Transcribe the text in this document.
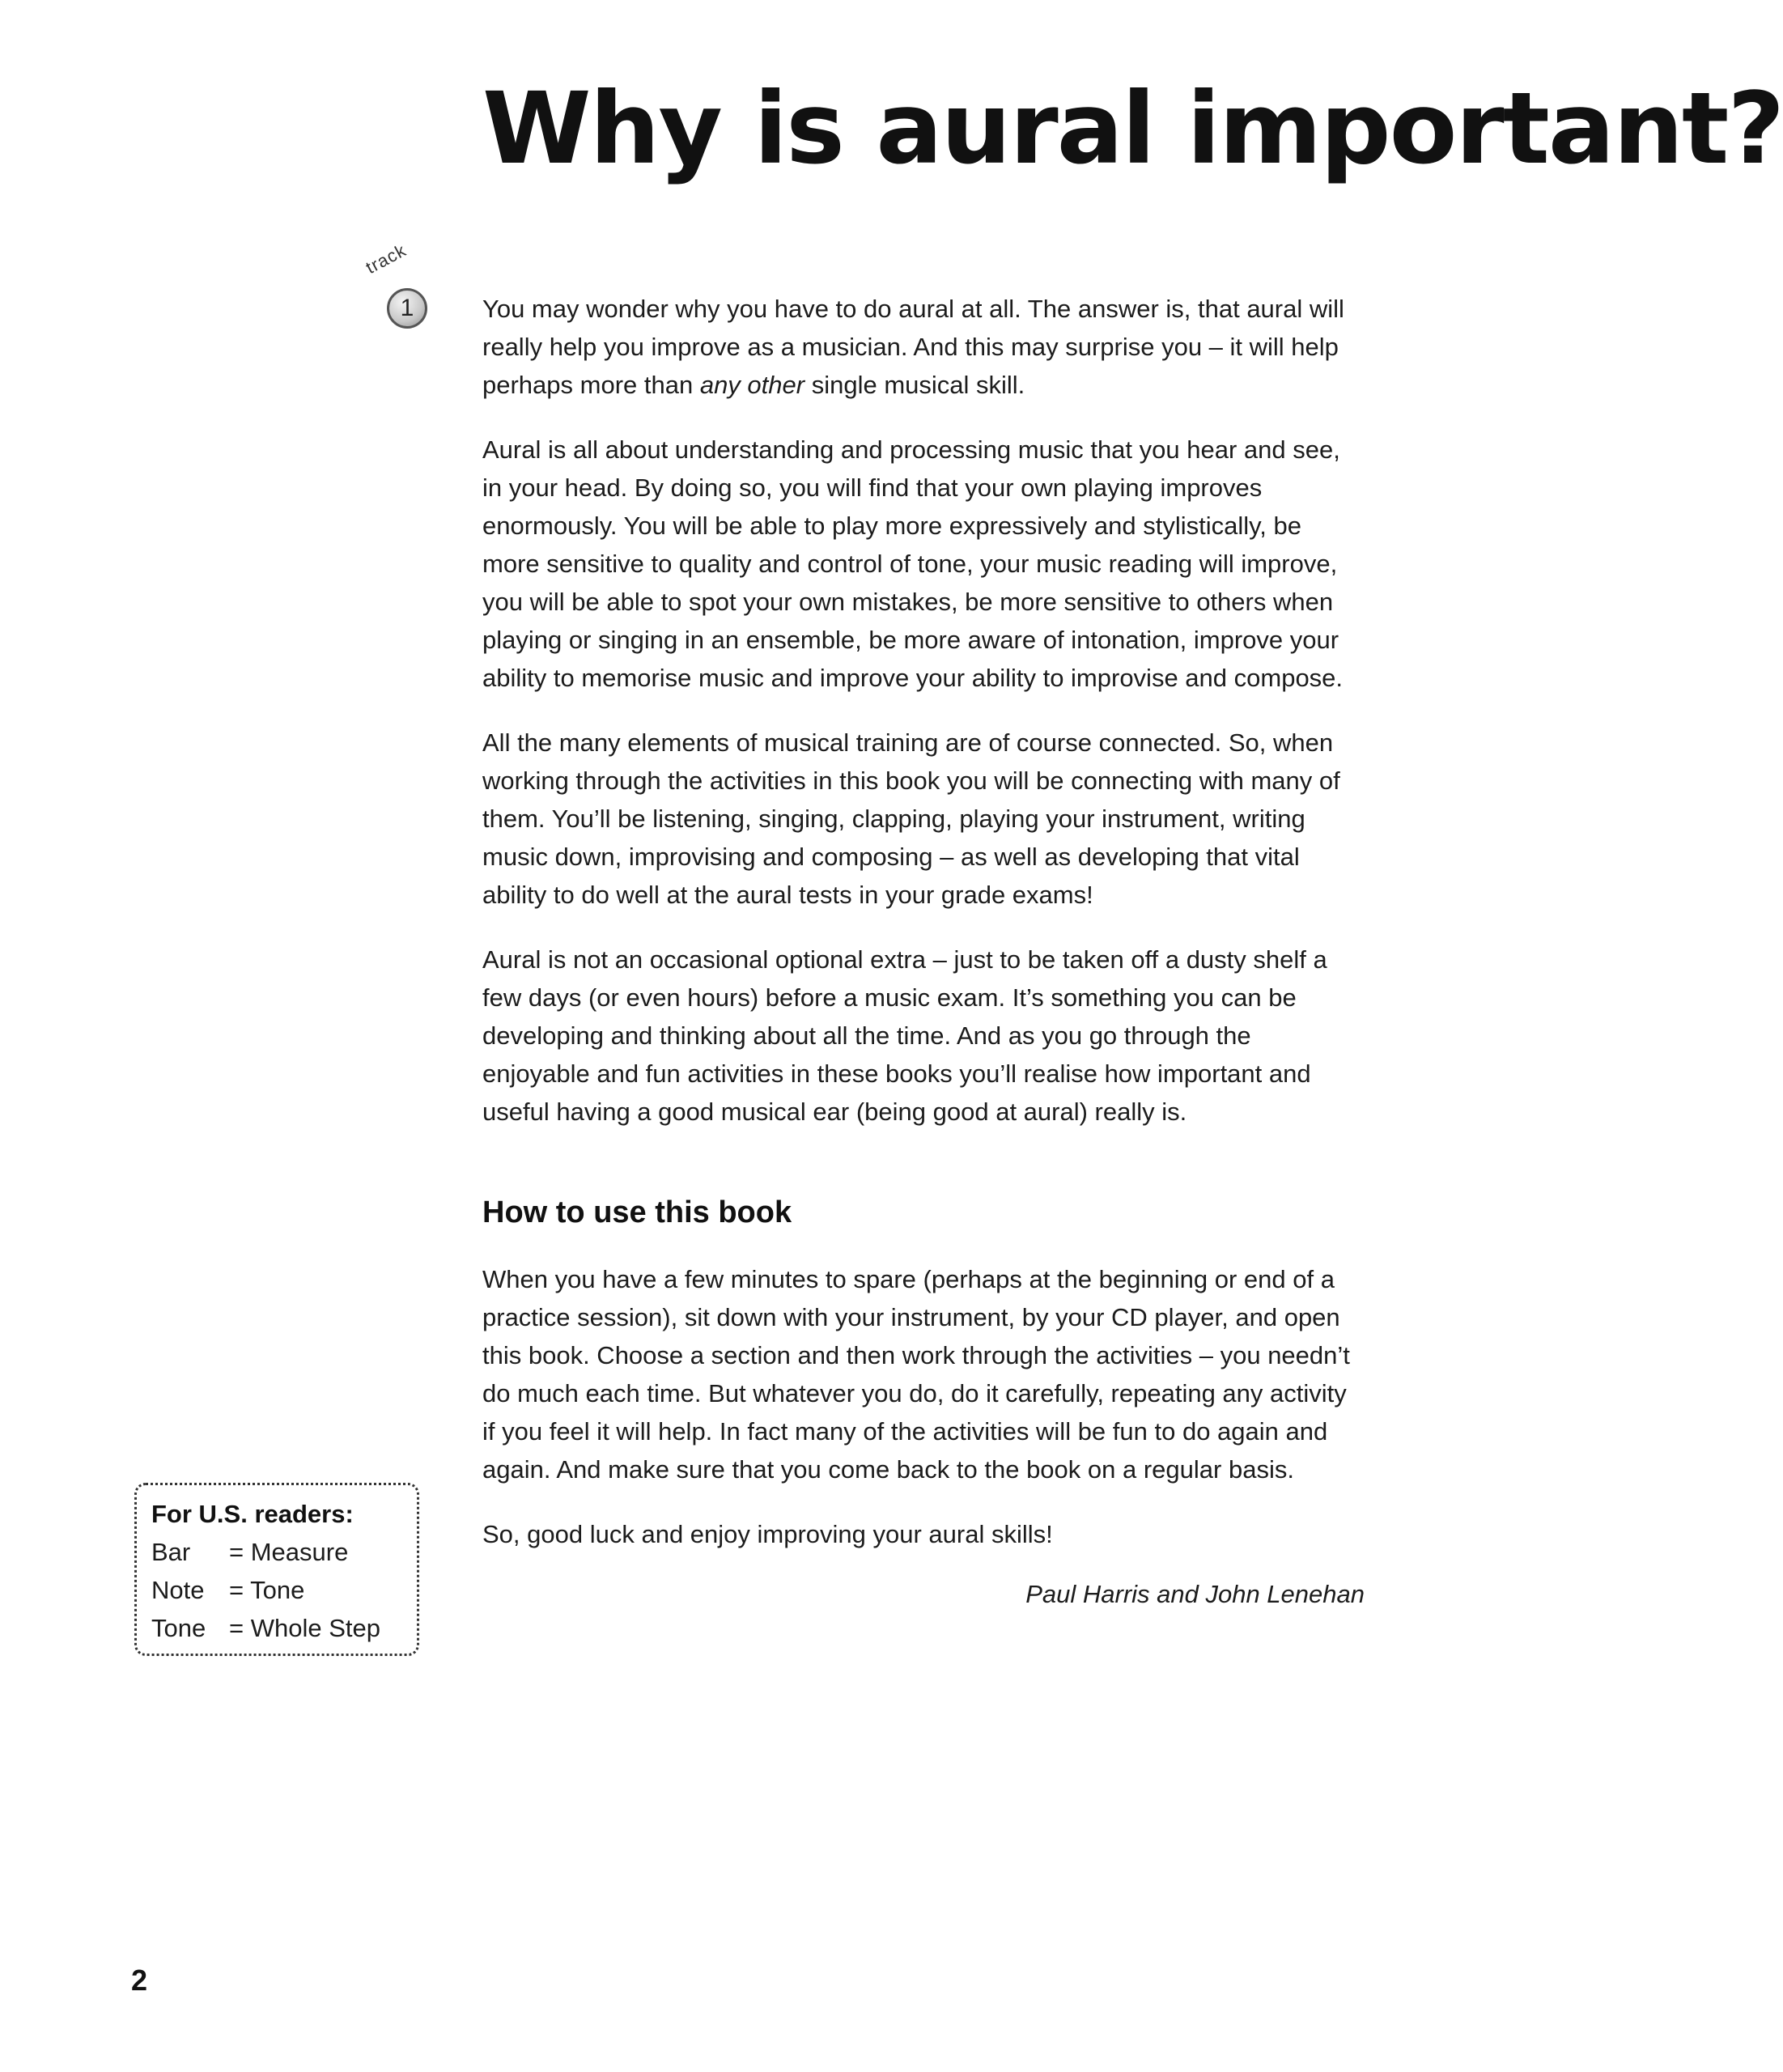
Why is aural important?
track
1	You may wonder why you have to do aural at all. The answer is, that aural will really help you improve as a musician. And this may surprise you – it will help perhaps more than any other single musical skill.

Aural is all about understanding and processing music that you hear and see, in your head. By doing so, you will find that your own playing improves enormously. You will be able to play more expressively and stylistically, be more sensitive to quality and control of tone, your music reading will improve, you will be able to spot your own mistakes, be more sensitive to others when playing or singing in an ensemble, be more aware of intonation, improve your ability to memorise music and improve your ability to improvise and compose.

All the many elements of musical training are of course connected. So, when working through the activities in this book you will be connecting with many of them. You’ll be listening, singing, clapping, playing your instrument, writing music down, improvising and composing – as well as developing that vital ability to do well at the aural tests in your grade exams!

Aural is not an occasional optional extra – just to be taken off a dusty shelf a few days (or even hours) before a music exam. It’s something you can be developing and thinking about all the time. And as you go through the enjoyable and fun activities in these books you’ll realise how important and useful having a good musical ear (being good at aural) really is.

How to use this book

When you have a few minutes to spare (perhaps at the beginning or end of a practice session), sit down with your instrument, by your CD player, and open this book. Choose a section and then work through the activities – you needn’t do much each time. But whatever you do, do it carefully, repeating any activity if you feel it will help. In fact many of the activities will be fun to do again and again. And make sure that you come back to the book on a regular basis.

So, good luck and enjoy improving your aural skills!

Paul Harris and John Lenehan
For U.S. readers:
Bar	= Measure
Note = Tone
Tone = Whole Step
2
